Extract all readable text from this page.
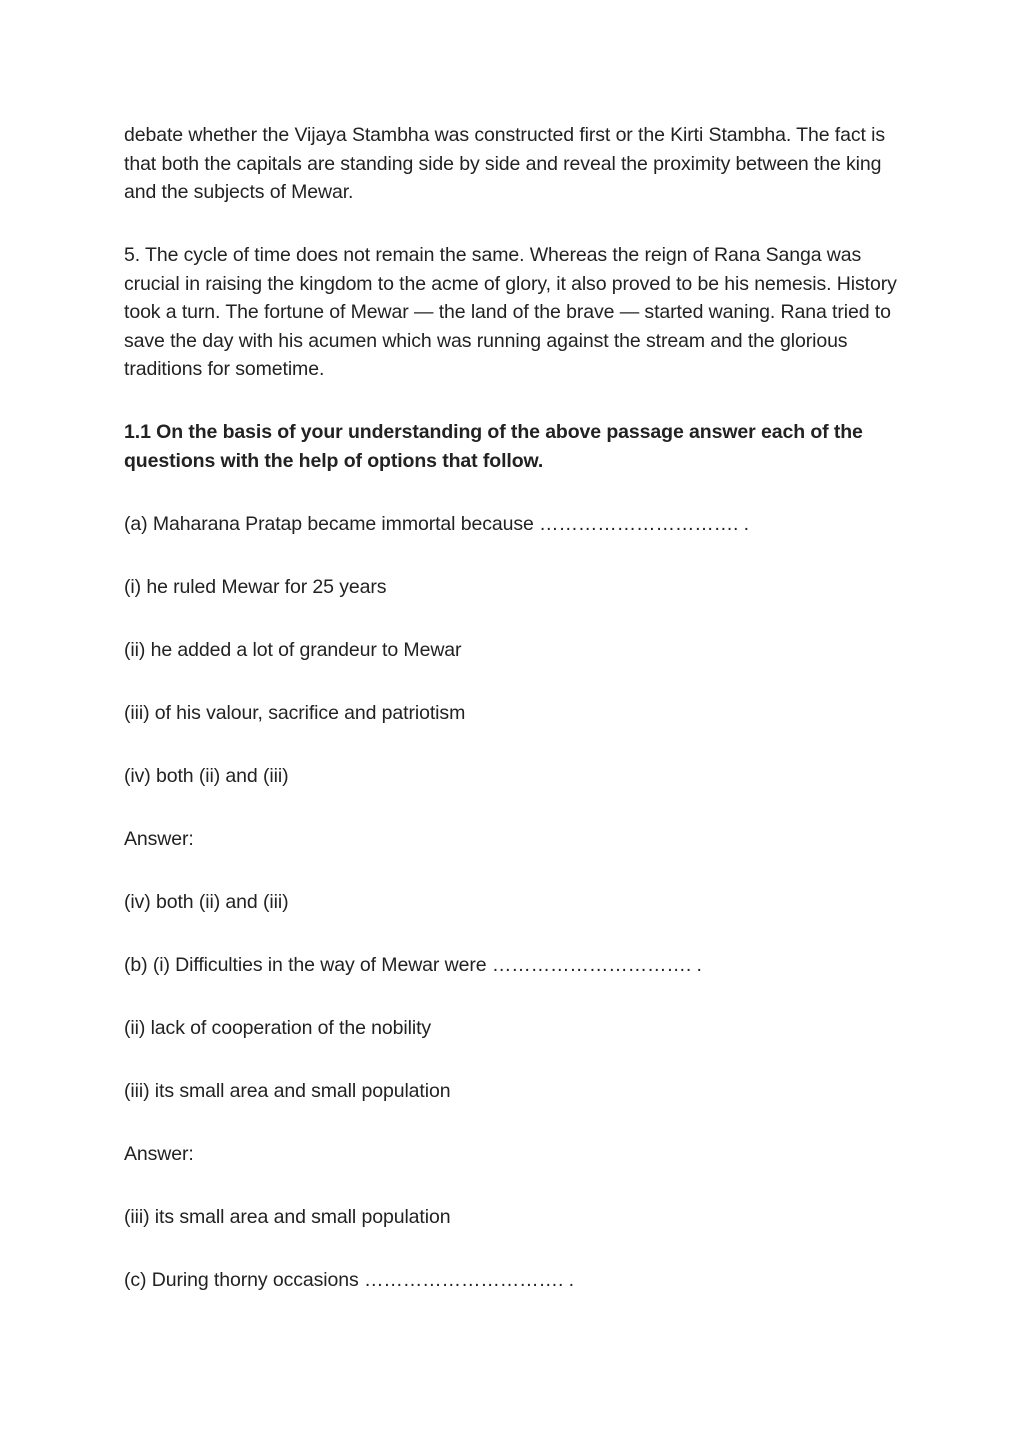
debate whether the Vijaya Stambha was constructed first or the Kirti Stambha. The fact is that both the capitals are standing side by side and reveal the proximity between the king and the subjects of Mewar.

5. The cycle of time does not remain the same. Whereas the reign of Rana Sanga was crucial in raising the kingdom to the acme of glory, it also proved to be his nemesis. History took a turn. The fortune of Mewar — the land of the brave — started waning. Rana tried to save the day with his acumen which was running against the stream and the glorious traditions for sometime.

1.1 On the basis of your understanding of the above passage answer each of the questions with the help of options that follow.

(a) Maharana Pratap became immortal because …………………………. .

(i) he ruled Mewar for 25 years

(ii) he added a lot of grandeur to Mewar

(iii) of his valour, sacrifice and patriotism

(iv) both (ii) and (iii)

Answer:

(iv) both (ii) and (iii)

(b) (i) Difficulties in the way of Mewar were …………………………. .

(ii) lack of cooperation of the nobility

(iii) its small area and small population

Answer:

(iii) its small area and small population

(c) During thorny occasions …………………………. .
